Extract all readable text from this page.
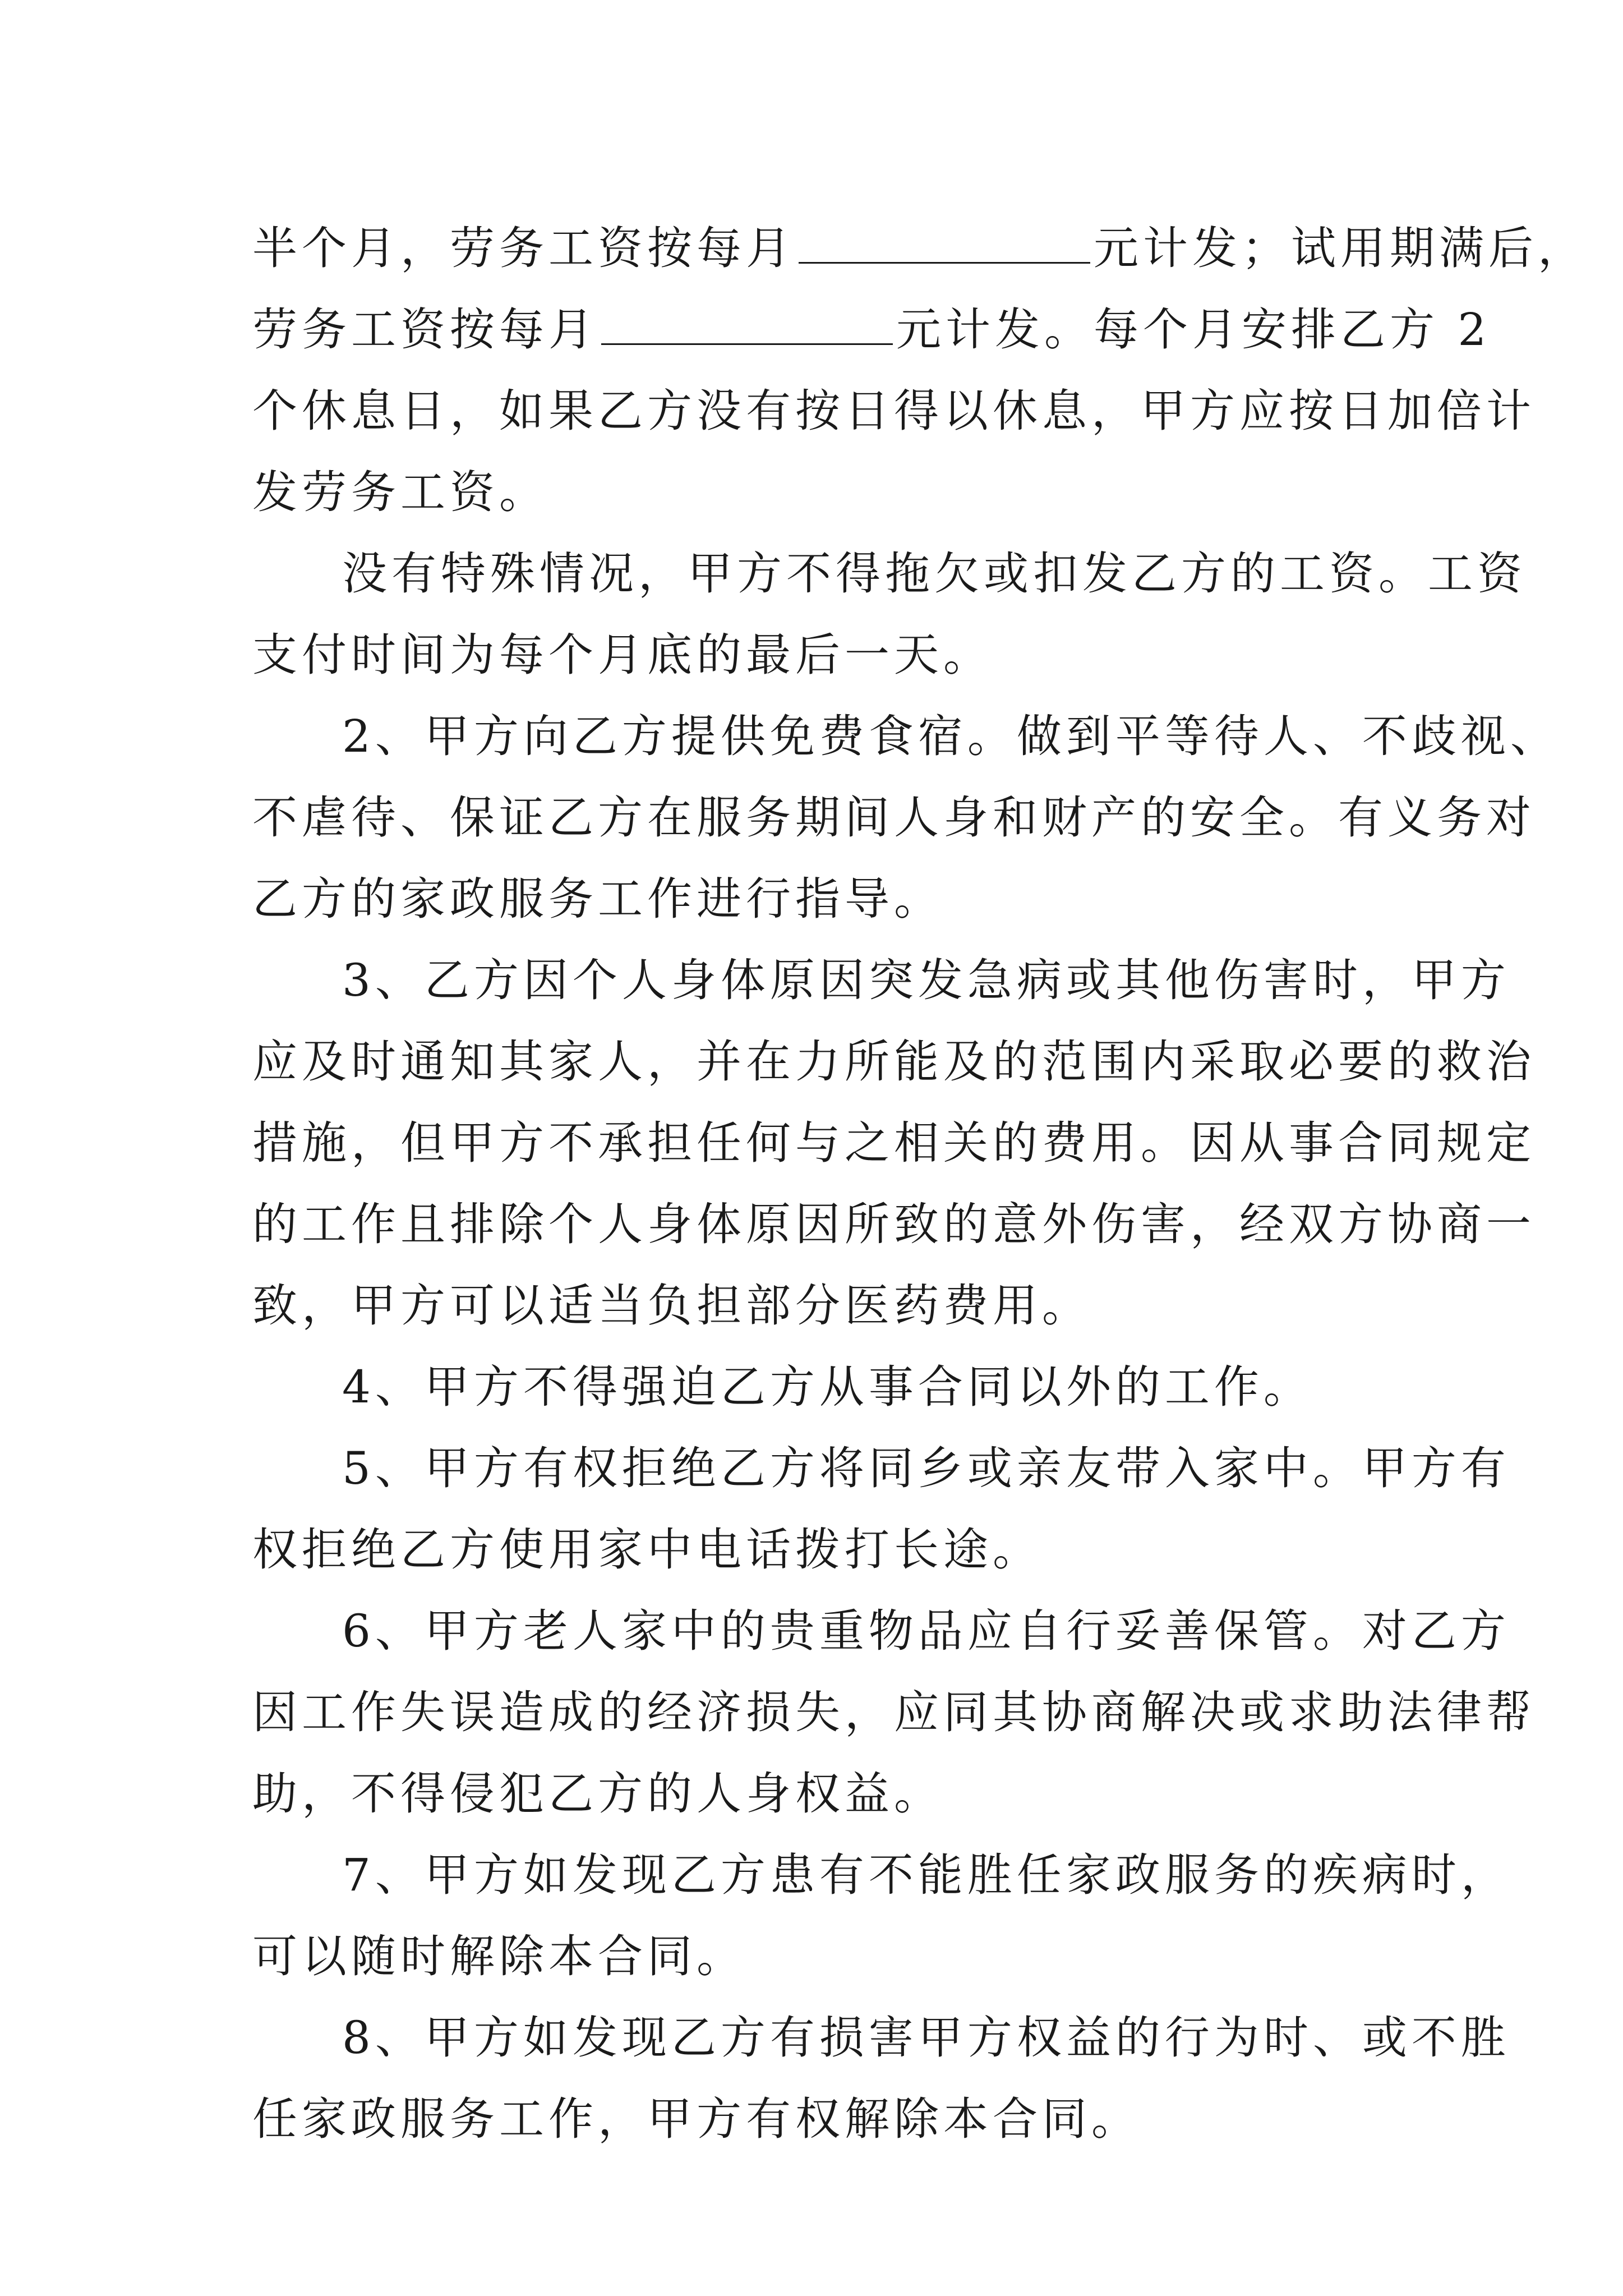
半个月，劳务工资按每月	元计发；试用期满后，
劳务工资按每月	元计发。每个月安排乙方 2
个休息日，如果乙方没有按日得以休息，甲方应按日加倍计
发劳务工资。

没有特殊情况，甲方不得拖欠或扣发乙方的工资。工资
支付时间为每个月底的最后一天。

2、甲方向乙方提供免费食宿。做到平等待人、不歧视、
不虐待、保证乙方在服务期间人身和财产的安全。有义务对
乙方的家政服务工作进行指导。

3、乙方因个人身体原因突发急病或其他伤害时，甲方
应及时通知其家人，并在力所能及的范围内采取必要的救治
措施，但甲方不承担任何与之相关的费用。因从事合同规定
的工作且排除个人身体原因所致的意外伤害，经双方协商一
致，甲方可以适当负担部分医药费用。

4、甲方不得强迫乙方从事合同以外的工作。

5、甲方有权拒绝乙方将同乡或亲友带入家中。甲方有
权拒绝乙方使用家中电话拨打长途。

6、甲方老人家中的贵重物品应自行妥善保管。对乙方
因工作失误造成的经济损失，应同其协商解决或求助法律帮
助，不得侵犯乙方的人身权益。

7、甲方如发现乙方患有不能胜任家政服务的疾病时，
可以随时解除本合同。

8、甲方如发现乙方有损害甲方权益的行为时、或不胜
任家政服务工作，甲方有权解除本合同。
